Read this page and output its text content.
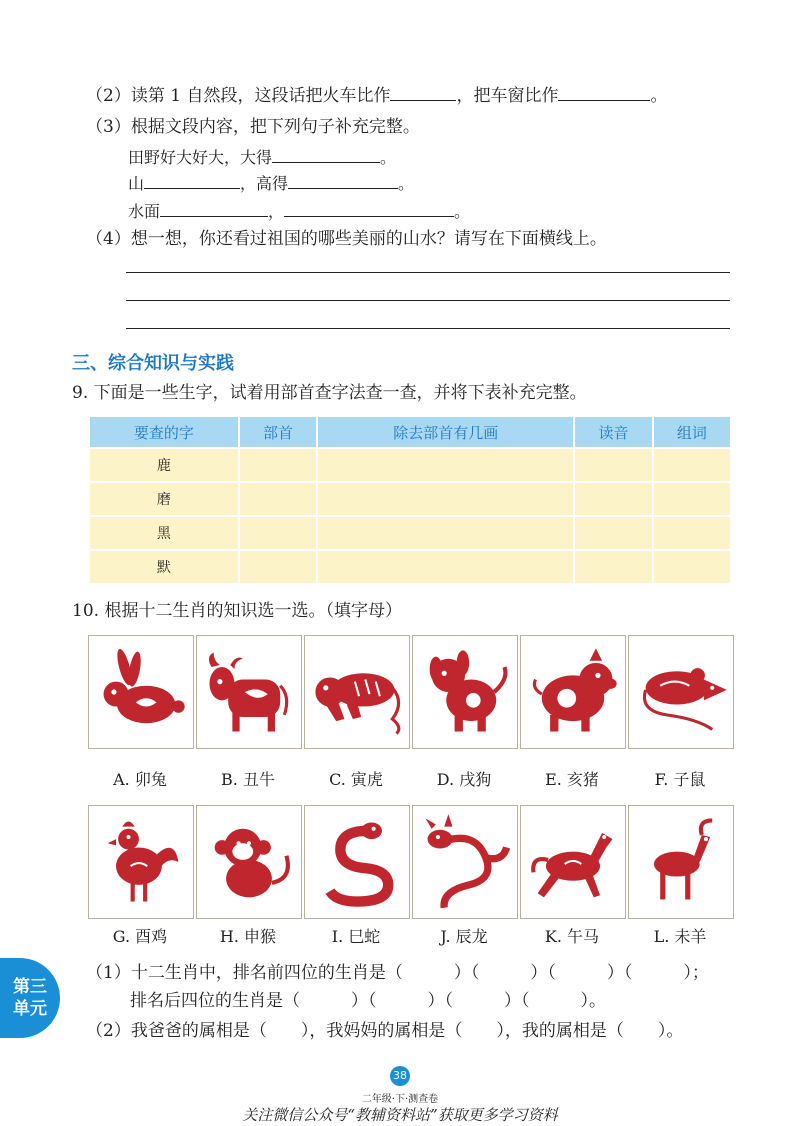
（2）读第 1 自然段，这段话把火车比作	，把车窗比作	。
（3）根据文段内容，把下列句子补充完整。
田野好大好大，大得	。
山	，高得	。
水面	，	。
（4）想一想，你还看过祖国的哪些美丽的山水？请写在下面横线上。
三、综合知识与实践
9. 下面是一些生字，试着用部首查字法查一查，并将下表补充完整。
要查的字	部首	除去部首有几画	读音	组词
鹿				
磨				
黑				
默				
10. 根据十二生肖的知识选一选。（填字母）
A. 卯兔	B. 丑牛	C. 寅虎	D. 戌狗	E. 亥猪	F. 子鼠
G. 酉鸡	H. 申猴	I. 巳蛇	J. 辰龙	K. 午马	L. 未羊
第三
单元
（1）十二生肖中，排名前四位的生肖是（　　　）（　　　）（　　　）（　　　）；
排名后四位的生肖是（　　　）（　　　）（　　　）（　　　）。
（2）我爸爸的属相是（　　），我妈妈的属相是（　　），我的属相是（　　）。
38
二年级·下·测查卷
关注微信公众号“教辅资料站”获取更多学习资料
